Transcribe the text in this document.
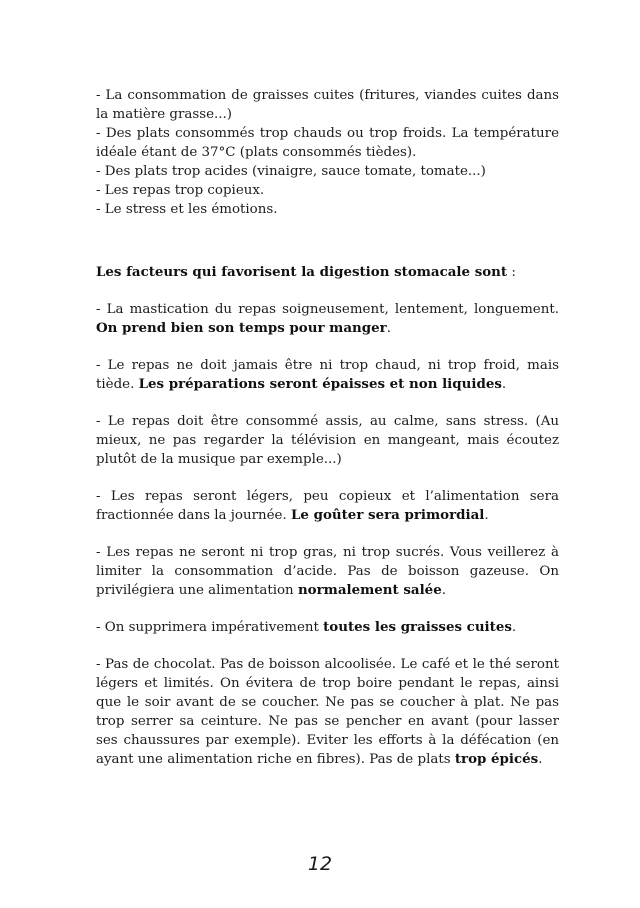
- La consommation de graisses cuites (fritures, viandes cuites dans la matière grasse...)

- Des plats consommés trop chauds ou trop froids. La température idéale étant de 37°C (plats consommés tièdes).

- Des plats trop acides (vinaigre, sauce tomate, tomate...)

- Les repas trop copieux.

- Le stress et les émotions.

Les facteurs qui favorisent la digestion stomacale sont :

- La mastication du repas soigneusement, lentement, longuement. On prend bien son temps pour manger.

- Le repas ne doit jamais être ni trop chaud, ni trop froid, mais tiède. Les préparations seront épaisses et non liquides.

- Le repas doit être consommé assis, au calme, sans stress. (Au mieux, ne pas regarder la télévision en mangeant, mais écoutez plutôt de la musique par exemple...)

- Les repas seront légers, peu copieux et l’alimentation sera fractionnée dans la journée. Le goûter sera primordial.

- Les repas ne seront ni trop gras, ni trop sucrés. Vous veillerez à limiter la consommation d’acide. Pas de boisson gazeuse. On privilégiera une alimentation normalement salée.

- On supprimera impérativement toutes les graisses cuites.

- Pas de chocolat. Pas de boisson alcoolisée. Le café et le thé seront légers et limités. On évitera de trop boire pendant le repas, ainsi que le soir avant de se coucher. Ne pas se coucher à plat. Ne pas trop serrer sa ceinture. Ne pas se pencher en avant (pour lasser ses chaussures par exemple). Eviter les efforts à la défécation (en ayant une alimentation riche en fibres). Pas de plats trop épicés.

12
